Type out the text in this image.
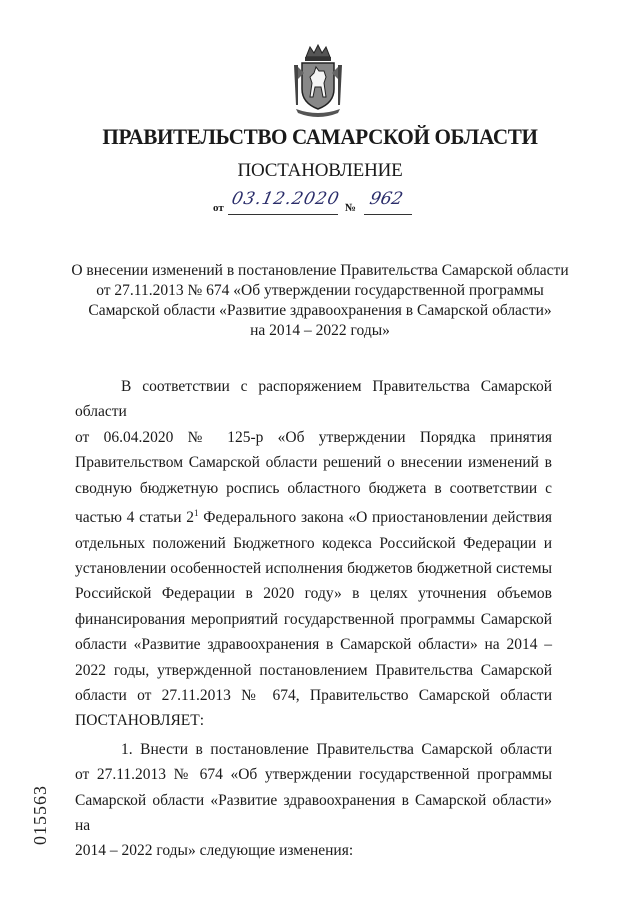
ПРАВИТЕЛЬСТВО САМАРСКОЙ ОБЛАСТИ
ПОСТАНОВЛЕНИЕ
от 03.12.2020 № 962
О внесении изменений в постановление Правительства Самарской области
от 27.11.2013 № 674 «Об утверждении государственной программы
Самарской области «Развитие здравоохранения в Самарской области»
на 2014 – 2022 годы»

В соответствии с распоряжением Правительства Самарской области

от 06.04.2020 № 125-р «Об утверждении Порядка принятия

Правительством Самарской области решений о внесении изменений в

сводную бюджетную роспись областного бюджета в соответствии с

частью 4 статьи $2^1$ Федерального закона «О приостановлении действия

отдельных положений Бюджетного кодекса Российской Федерации и

установлении особенностей исполнения бюджетов бюджетной системы

Российской Федерации в 2020 году» в целях уточнения объемов

финансирования мероприятий государственной программы Самарской

области «Развитие здравоохранения в Самарской области» на 2014 –

2022 годы, утвержденной постановлением Правительства Самарской

области от 27.11.2013 № 674, Правительство Самарской области

ПОСТАНОВЛЯЕТ:

1. Внести в постановление Правительства Самарской области

от 27.11.2013 № 674 «Об утверждении государственной программы

Самарской области «Развитие здравоохранения в Самарской области» на

2014 – 2022 годы» следующие изменения:

015563
